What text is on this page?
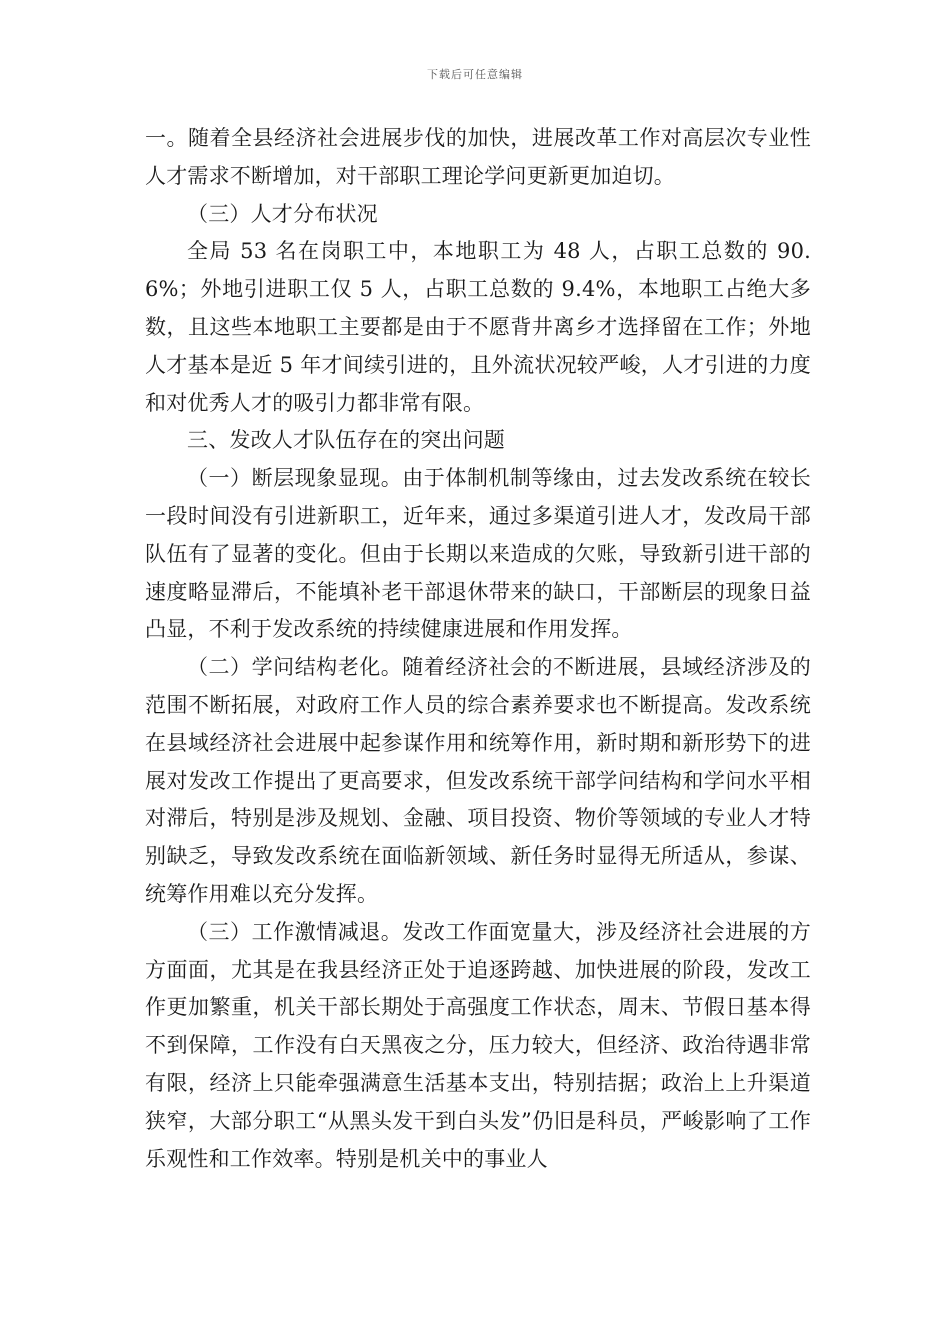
下载后可任意编辑

一。随着全县经济社会进展步伐的加快，进展改革工作对高层次专业性人才需求不断增加，对干部职工理论学问更新更加迫切。

（三）人才分布状况

全局 53 名在岗职工中，本地职工为 48 人，占职工总数的 90.6%；外地引进职工仅 5 人，占职工总数的 9.4%，本地职工占绝大多数，且这些本地职工主要都是由于不愿背井离乡才选择留在工作；外地人才基本是近 5 年才间续引进的，且外流状况较严峻，人才引进的力度和对优秀人才的吸引力都非常有限。

三、发改人才队伍存在的突出问题

（一）断层现象显现。由于体制机制等缘由，过去发改系统在较长一段时间没有引进新职工，近年来，通过多渠道引进人才，发改局干部队伍有了显著的变化。但由于长期以来造成的欠账，导致新引进干部的速度略显滞后，不能填补老干部退休带来的缺口，干部断层的现象日益凸显，不利于发改系统的持续健康进展和作用发挥。

（二）学问结构老化。随着经济社会的不断进展，县域经济涉及的范围不断拓展，对政府工作人员的综合素养要求也不断提高。发改系统在县域经济社会进展中起参谋作用和统筹作用，新时期和新形势下的进展对发改工作提出了更高要求，但发改系统干部学问结构和学问水平相对滞后，特别是涉及规划、金融、项目投资、物价等领域的专业人才特别缺乏，导致发改系统在面临新领域、新任务时显得无所适从，参谋、统筹作用难以充分发挥。

（三）工作激情减退。发改工作面宽量大，涉及经济社会进展的方方面面，尤其是在我县经济正处于追逐跨越、加快进展的阶段，发改工作更加繁重，机关干部长期处于高强度工作状态，周末、节假日基本得不到保障，工作没有白天黑夜之分，压力较大，但经济、政治待遇非常有限，经济上只能牵强满意生活基本支出，特别拮据；政治上上升渠道狭窄，大部分职工“从黑头发干到白头发”仍旧是科员，严峻影响了工作乐观性和工作效率。特别是机关中的事业人
